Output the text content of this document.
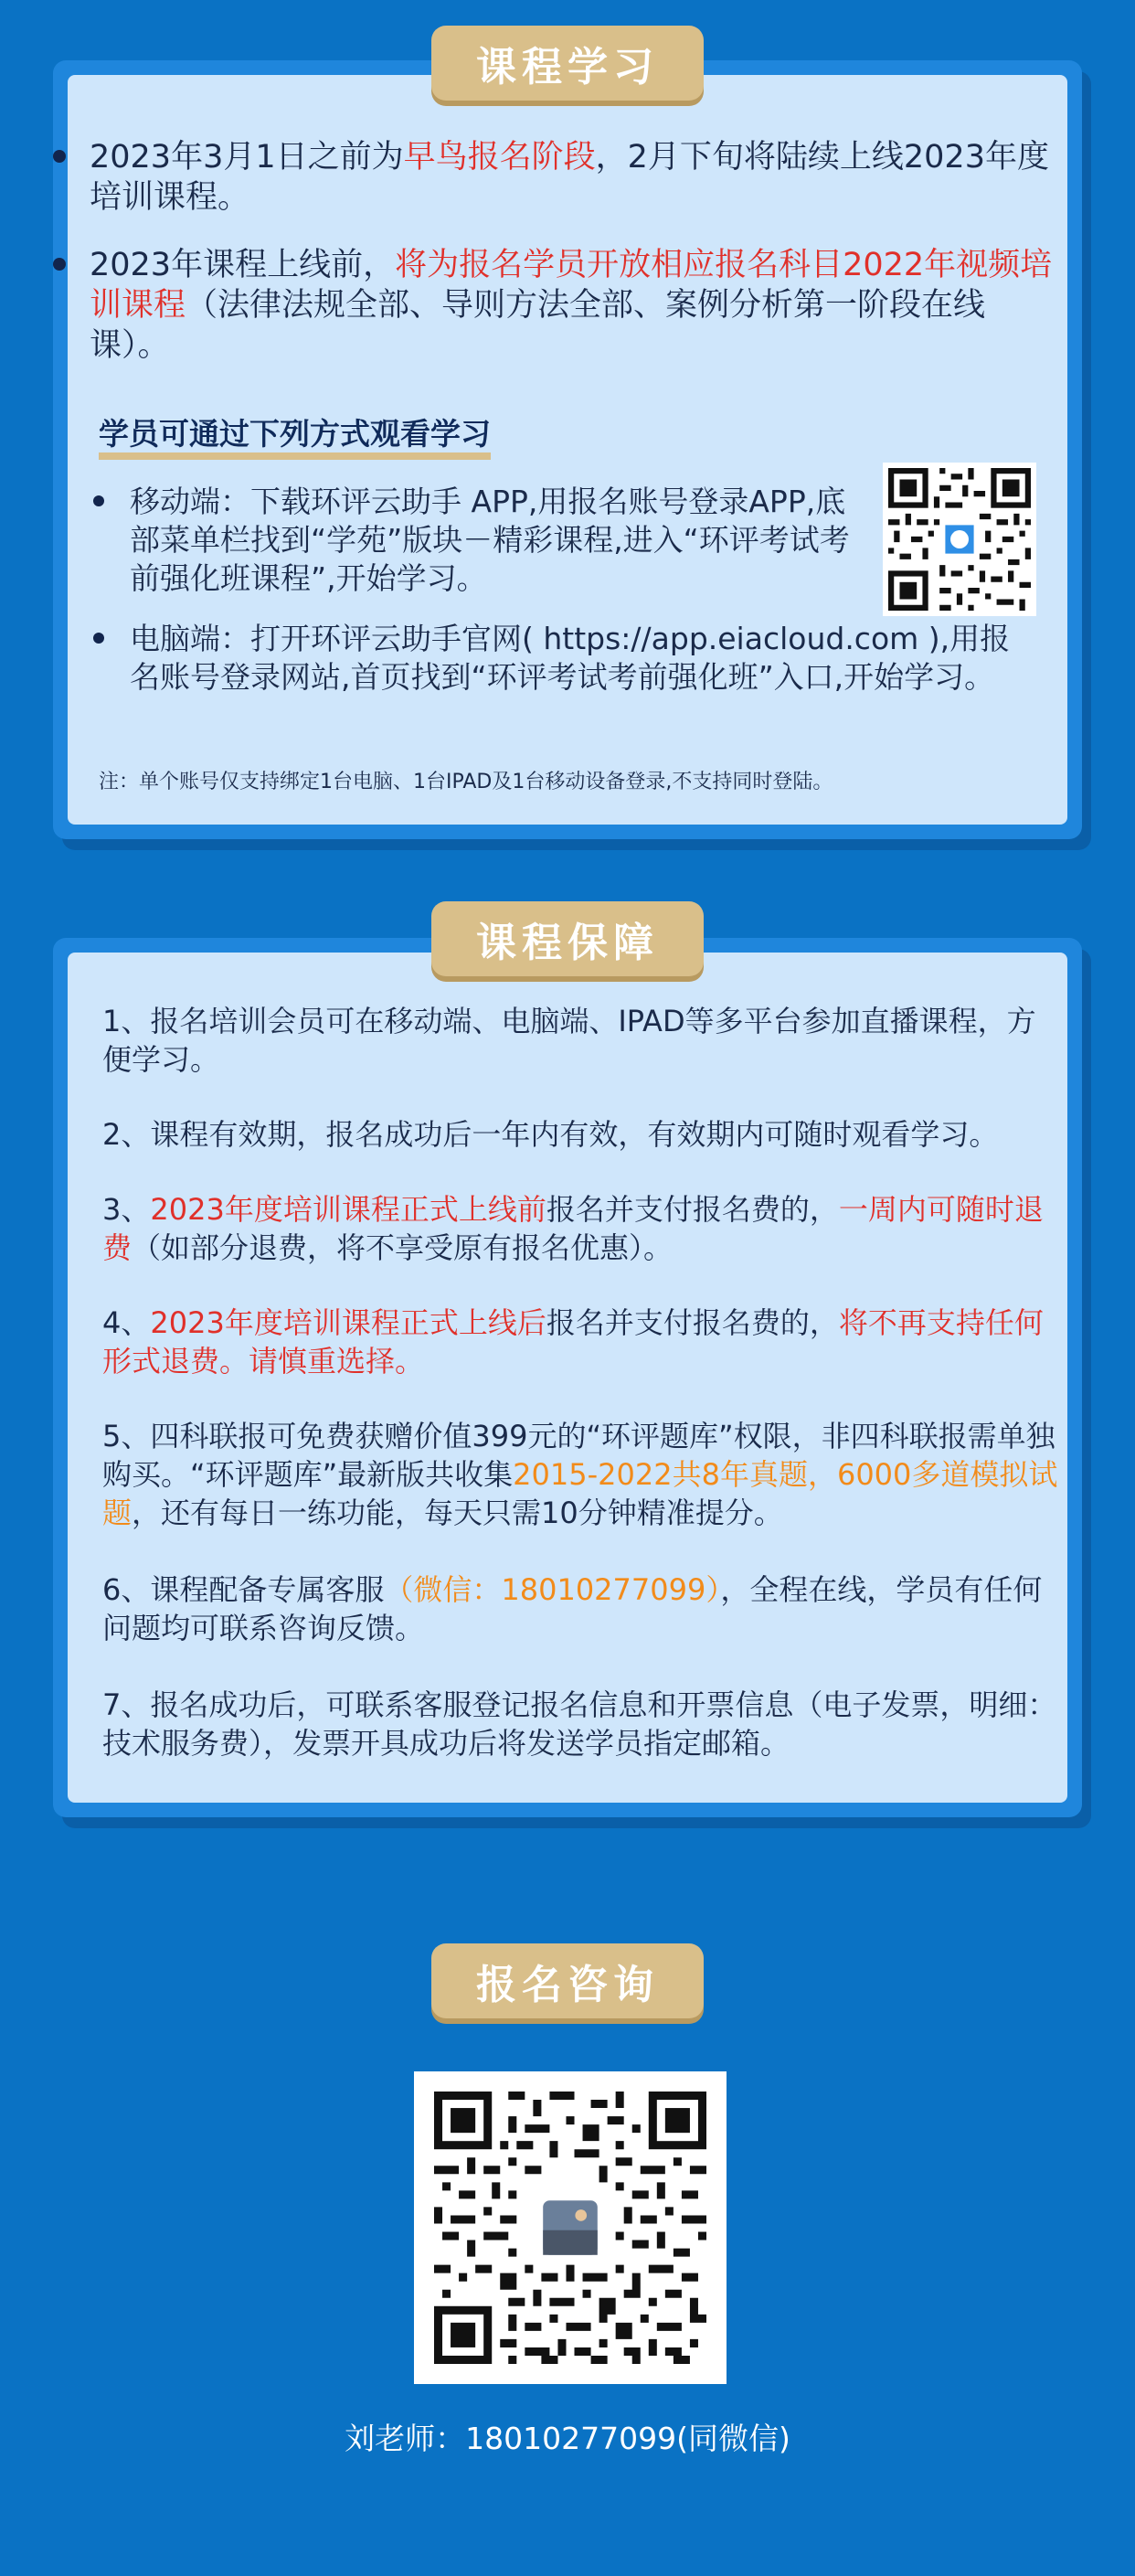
课程学习
2023年3月1日之前为早鸟报名阶段，2月下旬将陆续上线2023年度培训课程。
2023年课程上线前，将为报名学员开放相应报名科目2022年视频培训课程（法律法规全部、导则方法全部、案例分析第一阶段在线课）。
学员可通过下列方式观看学习
移动端：下载环评云助手 APP,用报名账号登录APP,底部菜单栏找到“学苑”版块－精彩课程,进入“环评考试考前强化班课程”,开始学习。
电脑端：打开环评云助手官网( https://app.eiacloud.com ),用报名账号登录网站,首页找到“环评考试考前强化班”入口,开始学习。
注：单个账号仅支持绑定1台电脑、1台IPAD及1台移动设备登录,不支持同时登陆。
课程保障
1、报名培训会员可在移动端、电脑端、IPAD等多平台参加直播课程，方便学习。
2、课程有效期，报名成功后一年内有效，有效期内可随时观看学习。
3、2023年度培训课程正式上线前报名并支付报名费的，一周内可随时退费（如部分退费，将不享受原有报名优惠）。
4、2023年度培训课程正式上线后报名并支付报名费的，将不再支持任何形式退费。请慎重选择。
5、四科联报可免费获赠价值399元的“环评题库”权限，非四科联报需单独购买。“环评题库”最新版共收集2015-2022共8年真题，6000多道模拟试题，还有每日一练功能，每天只需10分钟精准提分。
6、课程配备专属客服（微信：18010277099），全程在线，学员有任何问题均可联系咨询反馈。
7、报名成功后，可联系客服登记报名信息和开票信息（电子发票，明细：技术服务费），发票开具成功后将发送学员指定邮箱。
报名咨询
刘老师：18010277099(同微信)
